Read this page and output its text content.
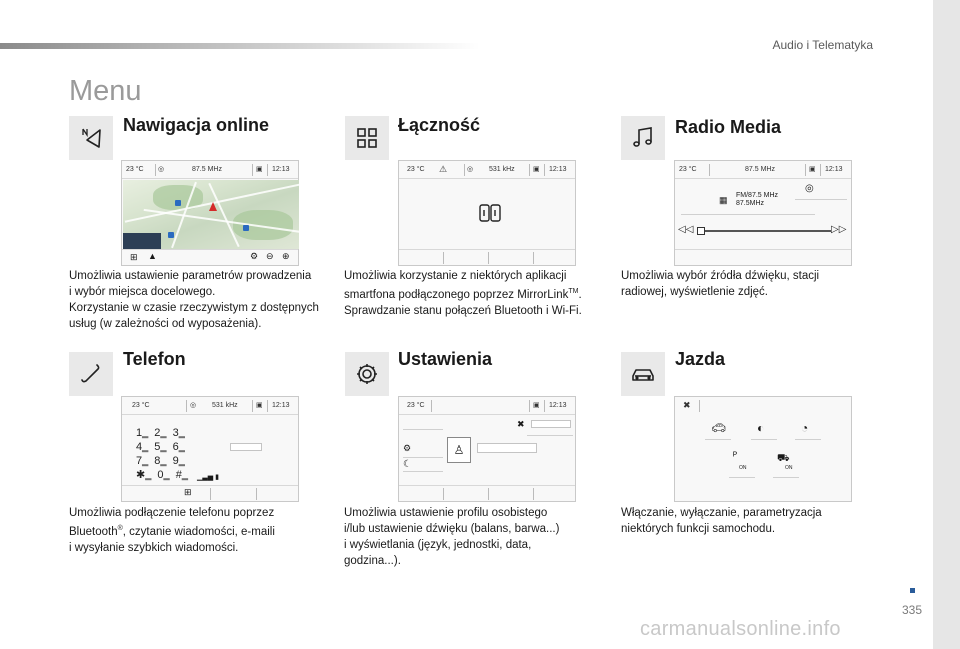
Audio i Telematyka
Menu
335
carmanualsonline.info
Nawigacja online
23 °C ◎	87.5 MHz	▣ 12:13
⊞ ▲	⚙ ⊖ ⊕
Umożliwia ustawienie parametrów prowadzenia
i wybór miejsca docelowego.
Korzystanie w czasie rzeczywistym z dostępnych
usług (w zależności od wyposażenia).
Łączność
23 °C ⚠	◎ 531 kHz	▣ 12:13
Umożliwia korzystanie z niektórych aplikacji
smartfona podłączonego poprzez MirrorLink™.
Sprawdzanie stanu połączeń Bluetooth i Wi-Fi.
Radio Media
23 °C	87.5 MHz	▣ 12:13
◎
▦ FM/87.5 MHz
87.5MHz
◁◁	▷▷
Umożliwia wybór źródła dźwięku, stacji
radiowej, wyświetlenie zdjęć.
Telefon
23 °C	◎ 531 kHz	▣ 12:13
1‗  2‗  3‗
4‗  5‗  6‗
7‗  8‗  9‗
✱‗  0‗  #‗ ▁▃▅ ▮
⊞
Umożliwia podłączenie telefonu poprzez
Bluetooth®, czytanie wiadomości, e-maili
i wysyłanie szybkich wiadomości.
Ustawienia
23 °C	▣ 12:13
✖
⚙	♙
☾
Umożliwia ustawienie profilu osobistego
i/lub ustawienie dźwięku (balans, barwa...)
i wyświetlania (język, jednostki, data,
godzina...).
Jazda
✖
🚗︎	◐	◔
ᴾ
ON
⛟
ON
Włączanie, wyłączanie, parametryzacja
niektórych funkcji samochodu.
